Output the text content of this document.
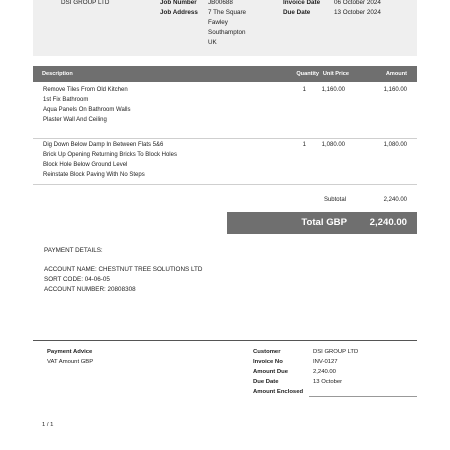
DSI GROUP LTD	Job Number JB00688
Job Address 7 The Square
Fawley
Southampton
UK
Invoice Date 06 October 2024
Due Date	13 October 2024
Description	Quantity Unit Price	Amount
Remove Tiles From Old Kitchen
1st Fix Bathroom
Aqua Panels On Bathroom Walls
Plaster Wall And Ceiling
1	1,160.00	1,160.00
Dig Down Below Damp In Between Flats 5&6
Brick Up Opening Returning Bricks To Block Holes
Block Hole Below Ground Level
Reinstate Block Paving With No Steps
1	1,080.00	1,080.00
Subtotal	2,240.00
Total GBP	2,240.00
PAYMENT DETAILS:
ACCOUNT NAME: CHESTNUT TREE SOLUTIONS LTD
SORT CODE: 04-06-05
ACCOUNT NUMBER: 20808308
Payment Advice
VAT Amount GBP
Customer	DSI GROUP LTD
Invoice No	INV-0127
Amount Due	2,240.00
Due Date	13 October
Amount Enclosed
1 / 1
